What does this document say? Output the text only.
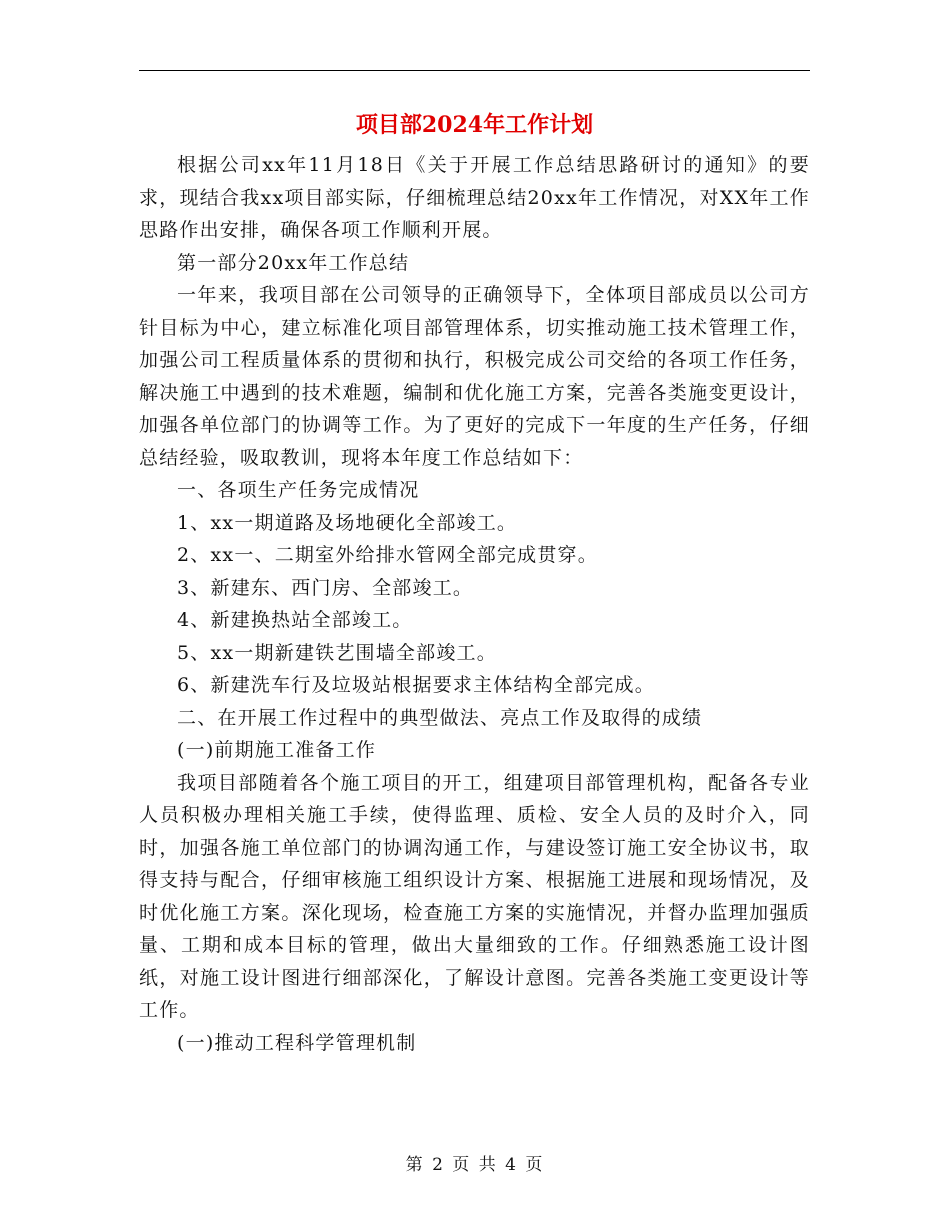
项目部2024年工作计划

根据公司xx年11月18日《关于开展工作总结思路研讨的通知》的要求，现结合我xx项目部实际，仔细梳理总结20xx年工作情况，对XX年工作思路作出安排，确保各项工作顺利开展。

第一部分20xx年工作总结

一年来，我项目部在公司领导的正确领导下，全体项目部成员以公司方针目标为中心，建立标准化项目部管理体系，切实推动施工技术管理工作，加强公司工程质量体系的贯彻和执行，积极完成公司交给的各项工作任务，解决施工中遇到的技术难题，编制和优化施工方案，完善各类施变更设计，加强各单位部门的协调等工作。为了更好的完成下一年度的生产任务，仔细总结经验，吸取教训，现将本年度工作总结如下：

一、各项生产任务完成情况

1、xx一期道路及场地硬化全部竣工。

2、xx一、二期室外给排水管网全部完成贯穿。

3、新建东、西门房、全部竣工。

4、新建换热站全部竣工。

5、xx一期新建铁艺围墙全部竣工。

6、新建洗车行及垃圾站根据要求主体结构全部完成。

二、在开展工作过程中的典型做法、亮点工作及取得的成绩

(一)前期施工准备工作

我项目部随着各个施工项目的开工，组建项目部管理机构，配备各专业人员积极办理相关施工手续，使得监理、质检、安全人员的及时介入，同时，加强各施工单位部门的协调沟通工作，与建设签订施工安全协议书，取得支持与配合，仔细审核施工组织设计方案、根据施工进展和现场情况，及时优化施工方案。深化现场，检查施工方案的实施情况，并督办监理加强质量、工期和成本目标的管理，做出大量细致的工作。仔细熟悉施工设计图纸，对施工设计图进行细部深化，了解设计意图。完善各类施工变更设计等工作。

(一)推动工程科学管理机制

第 2 页 共 4 页
